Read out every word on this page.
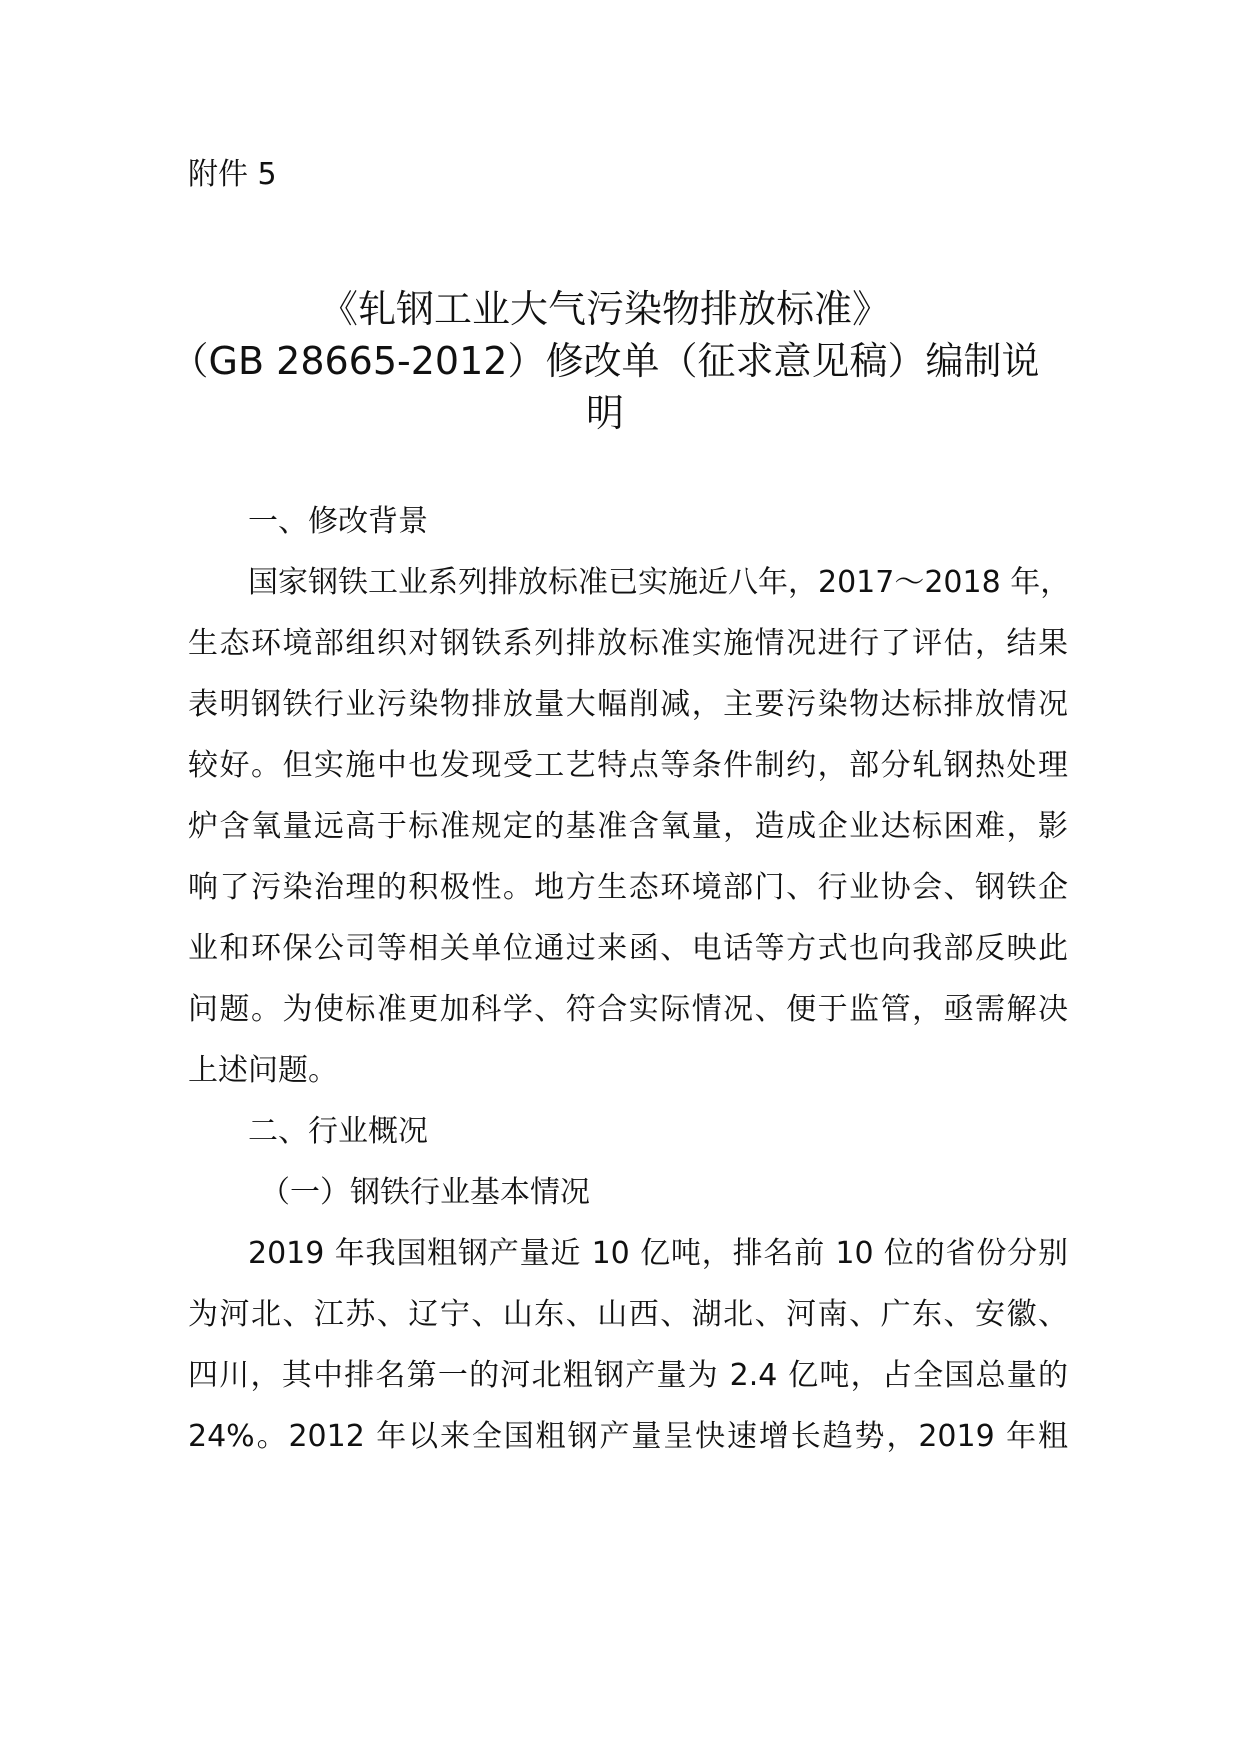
附件 5
《轧钢工业大气污染物排放标准》
（GB 28665-2012）修改单（征求意见稿）编制说
明
一、修改背景
国家钢铁工业系列排放标准已实施近八年，2017～2018 年，
生态环境部组织对钢铁系列排放标准实施情况进行了评估，结果
表明钢铁行业污染物排放量大幅削减，主要污染物达标排放情况
较好。但实施中也发现受工艺特点等条件制约，部分轧钢热处理
炉含氧量远高于标准规定的基准含氧量，造成企业达标困难，影
响了污染治理的积极性。地方生态环境部门、行业协会、钢铁企
业和环保公司等相关单位通过来函、电话等方式也向我部反映此
问题。为使标准更加科学、符合实际情况、便于监管，亟需解决
上述问题。
二、行业概况
（一）钢铁行业基本情况
2019 年我国粗钢产量近 10 亿吨，排名前 10 位的省份分别
为河北、江苏、辽宁、山东、山西、湖北、河南、广东、安徽、
四川，其中排名第一的河北粗钢产量为 2.4 亿吨，占全国总量的
24%。2012 年以来全国粗钢产量呈快速增长趋势，2019 年粗
